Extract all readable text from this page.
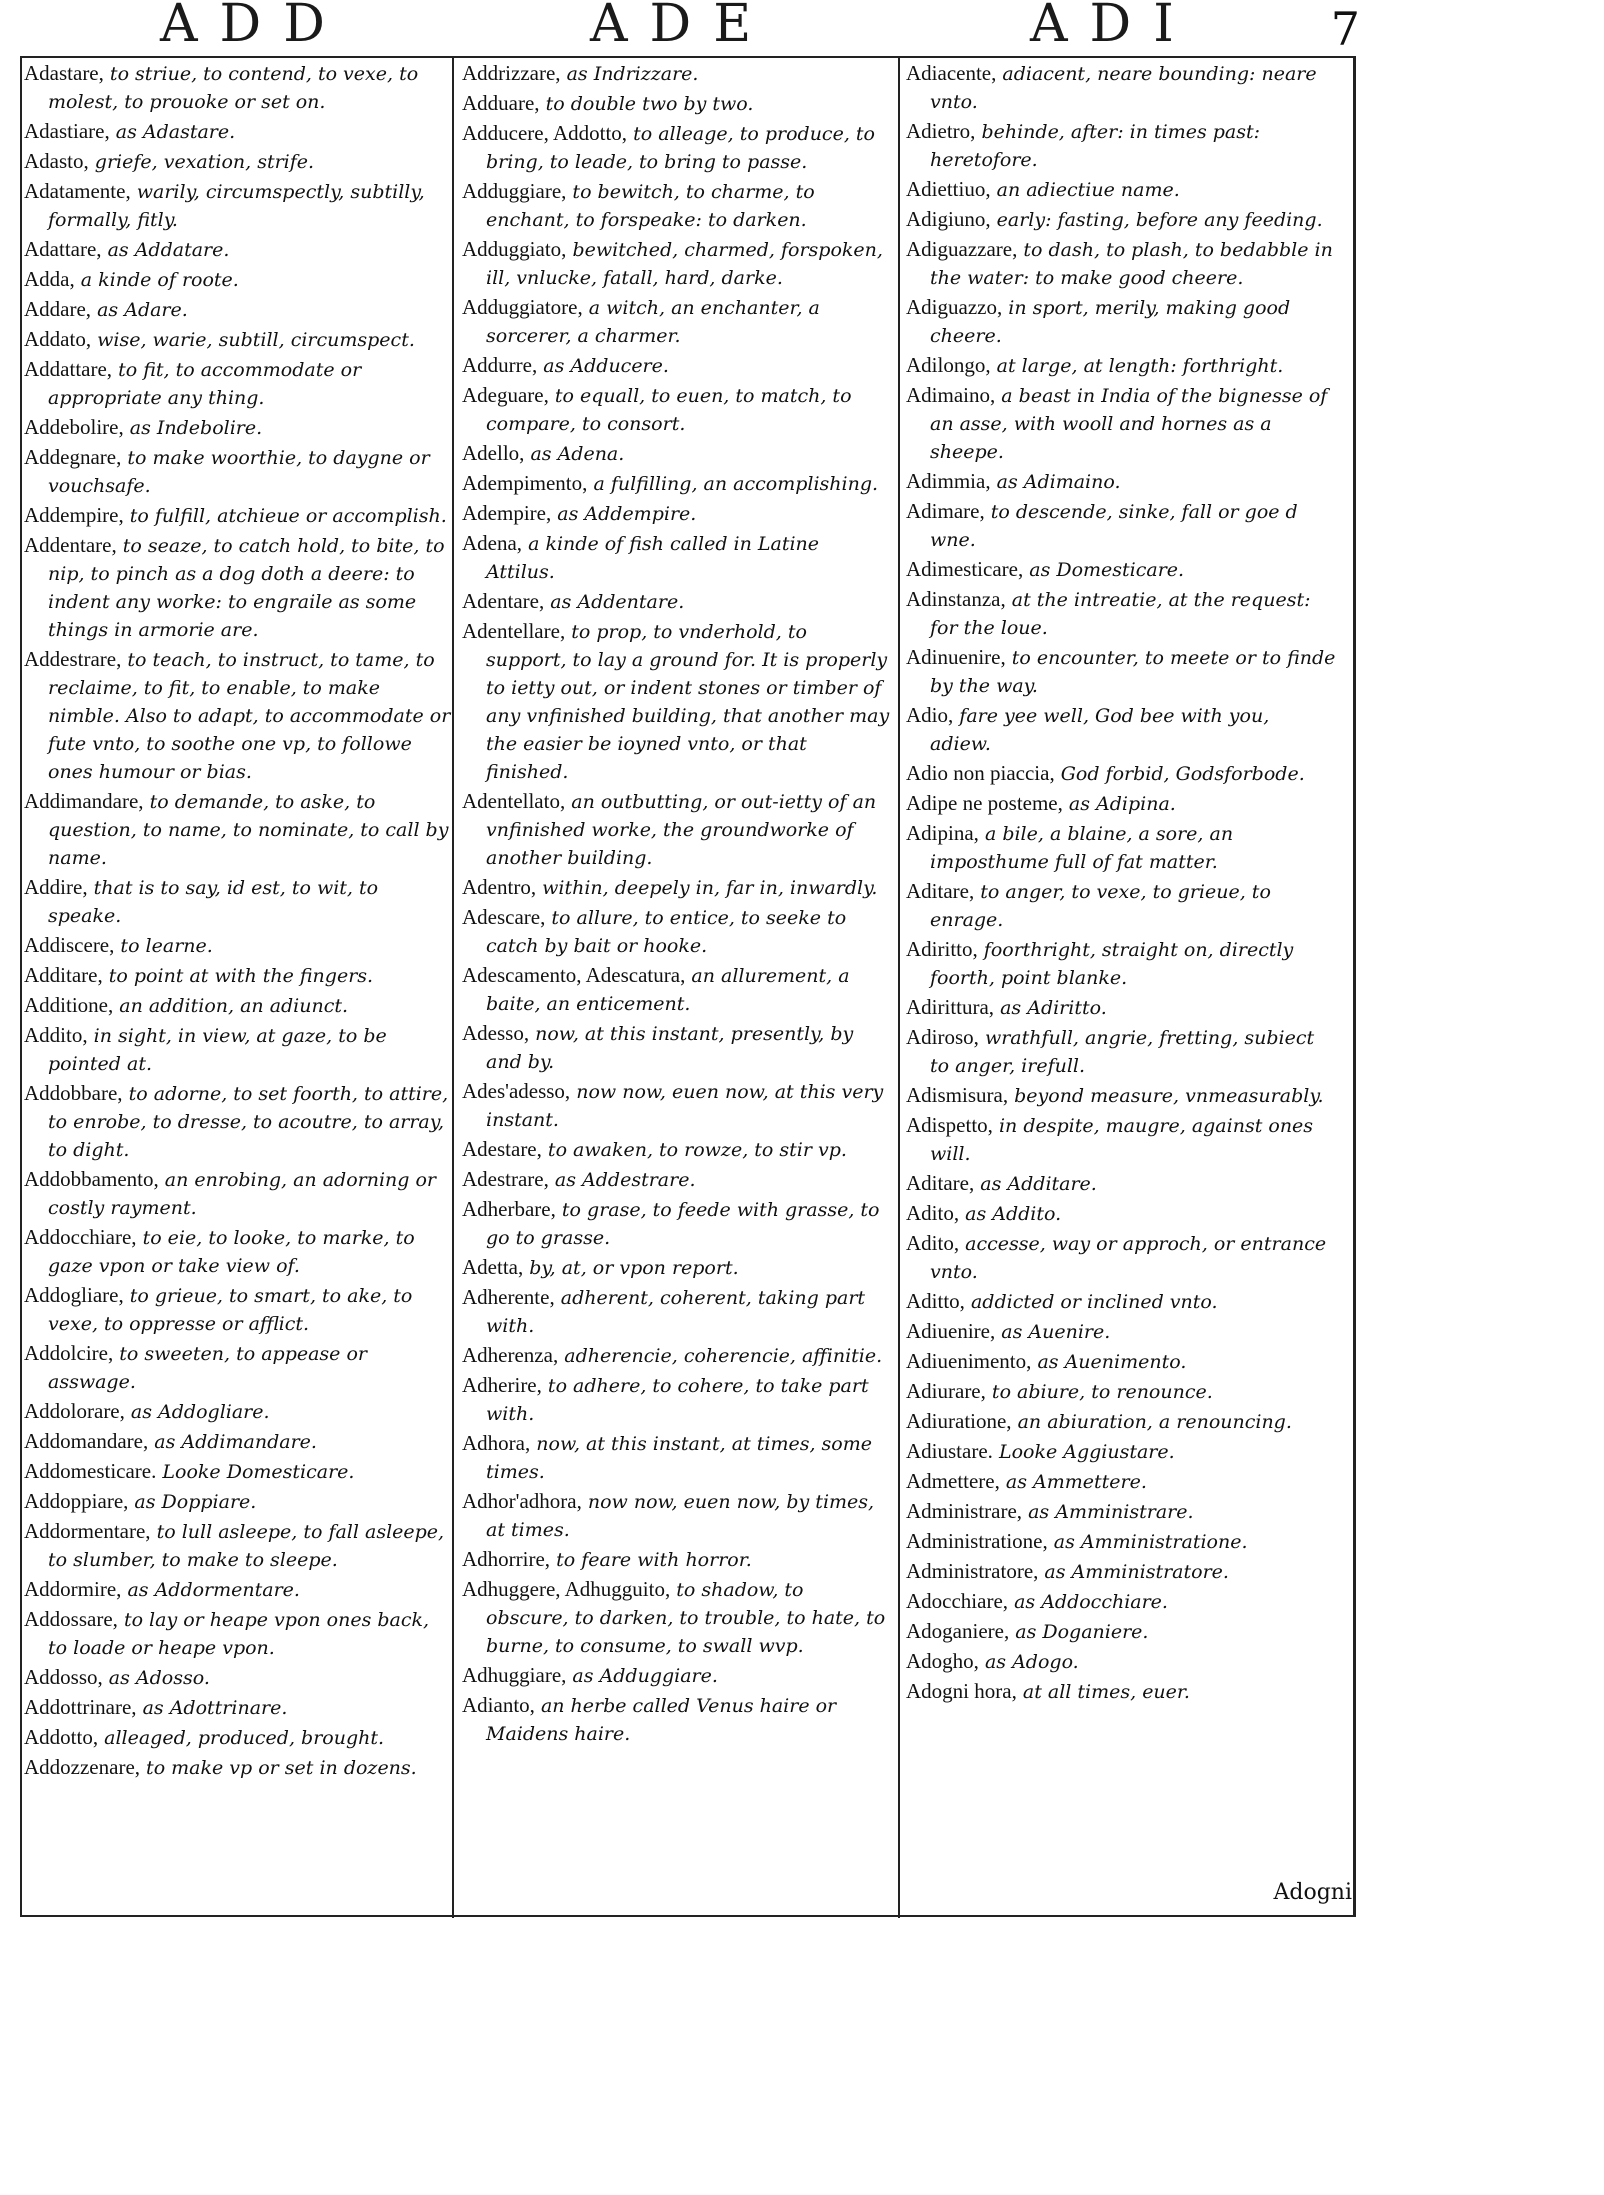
ADD	ADE	ADI	7
Adastare, to striue, to contend, to vexe, to molest, to prouoke or set on.
Adastiare, as Adastare.
Adasto, griefe, vexation, strife.
Adatamente, warily, circumspectly, subtilly, formally, fitly.
Adattare, as Addatare.
Adda, a kinde of roote.
Addare, as Adare.
Addato, wise, warie, subtill, circumspect.
Addattare, to fit, to accommodate or appropriate any thing.
Addebolire, as Indebolire.
Addegnare, to make woorthie, to daygne or vouchsafe.
Addempire, to fulfill, atchieue or accomplish.
Addentare, to seaze, to catch hold, to bite, to nip, to pinch as a dog doth a deere: to indent any worke: to engraile as some things in armorie are.
Addestrare, to teach, to instruct, to tame, to reclaime, to fit, to enable, to make nimble. Also to adapt, to accommodate or fute vnto, to soothe one vp, to followe ones humour or bias.
Addimandare, to demande, to aske, to question, to name, to nominate, to call by name.
Addire, that is to say, id est, to wit, to speake.
Addiscere, to learne.
Additare, to point at with the fingers.
Additione, an addition, an adiunct.
Addito, in sight, in view, at gaze, to be pointed at.
Addobbare, to adorne, to set foorth, to attire, to enrobe, to dresse, to acoutre, to array, to dight.
Addobbamento, an enrobing, an adorning or costly rayment.
Addocchiare, to eie, to looke, to marke, to gaze vpon or take view of.
Addogliare, to grieue, to smart, to ake, to vexe, to oppresse or afflict.
Addolcire, to sweeten, to appease or asswage.
Addolorare, as Addogliare.
Addomandare, as Addimandare.
Addomesticare. Looke Domesticare.
Addoppiare, as Doppiare.
Addormentare, to lull asleepe, to fall asleepe, to slumber, to make to sleepe.
Addormire, as Addormentare.
Addossare, to lay or heape vpon ones back, to loade or heape vpon.
Addosso, as Adosso.
Addottrinare, as Adottrinare.
Addotto, alleaged, produced, brought.
Addozzenare, to make vp or set in dozens.
Addrizzare, as Indrizzare.
Adduare, to double two by two.
Adducere, Addotto, to alleage, to produce, to bring, to leade, to bring to passe.
Adduggiare, to bewitch, to charme, to enchant, to forspeake: to darken.
Adduggiato, bewitched, charmed, forspoken, ill, vnlucke, fatall, hard, darke.
Adduggiatore, a witch, an enchanter, a sorcerer, a charmer.
Addurre, as Adducere.
Adeguare, to equall, to euen, to match, to compare, to consort.
Adello, as Adena.
Adempimento, a fulfilling, an accomplishing.
Adempire, as Addempire.
Adena, a kinde of fish called in Latine Attilus.
Adentare, as Addentare.
Adentellare, to prop, to vnderhold, to support, to lay a ground for. It is properly to ietty out, or indent stones or timber of any vnfinished building, that another may the easier be ioyned vnto, or that finished.
Adentellato, an outbutting, or out-ietty of an vnfinished worke, the groundworke of another building.
Adentro, within, deepely in, far in, inwardly.
Adescare, to allure, to entice, to seeke to catch by bait or hooke.
Adescamento, Adescatura, an allurement, a baite, an enticement.
Adesso, now, at this instant, presently, by and by.
Ades'adesso, now now, euen now, at this very instant.
Adestare, to awaken, to rowze, to stir vp.
Adestrare, as Addestrare.
Adherbare, to grase, to feede with grasse, to go to grasse.
Adetta, by, at, or vpon report.
Adherente, adherent, coherent, taking part with.
Adherenza, adherencie, coherencie, affinitie.
Adherire, to adhere, to cohere, to take part with.
Adhora, now, at this instant, at times, some times.
Adhor'adhora, now now, euen now, by times, at times.
Adhorrire, to feare with horror.
Adhuggere, Adhugguito, to shadow, to obscure, to darken, to trouble, to hate, to burne, to consume, to swall wvp.
Adhuggiare, as Adduggiare.
Adianto, an herbe called Venus haire or Maidens haire.
Adiacente, adiacent, neare bounding: neare vnto.
Adietro, behinde, after: in times past: heretofore.
Adiettiuo, an adiectiue name.
Adigiuno, early: fasting, before any feeding.
Adiguazzare, to dash, to plash, to bedabble in the water: to make good cheere.
Adiguazzo, in sport, merily, making good cheere.
Adilongo, at large, at length: forthright.
Adimaino, a beast in India of the bignesse of an asse, with wooll and hornes as a sheepe.
Adimmia, as Adimaino.
Adimare, to descende, sinke, fall or goe d wne.
Adimesticare, as Domesticare.
Adinstanza, at the intreatie, at the request: for the loue.
Adinuenire, to encounter, to meete or to finde by the way.
Adio, fare yee well, God bee with you, adiew.
Adio non piaccia, God forbid, Godsforbode.
Adipe ne posteme, as Adipina.
Adipina, a bile, a blaine, a sore, an imposthume full of fat matter.
Aditare, to anger, to vexe, to grieue, to enrage.
Adiritto, foorthright, straight on, directly foorth, point blanke.
Adirittura, as Adiritto.
Adiroso, wrathfull, angrie, fretting, subiect to anger, irefull.
Adismisura, beyond measure, vnmeasurably.
Adispetto, in despite, maugre, against ones will.
Aditare, as Additare.
Adito, as Addito.
Adito, accesse, way or approch, or entrance vnto.
Aditto, addicted or inclined vnto.
Adiuenire, as Auenire.
Adiuenimento, as Auenimento.
Adiurare, to abiure, to renounce.
Adiuratione, an abiuration, a renouncing.
Adiustare. Looke Aggiustare.
Admettere, as Ammettere.
Administrare, as Amministrare.
Administratione, as Amministratione.
Administratore, as Amministratore.
Adocchiare, as Addocchiare.
Adoganiere, as Doganiere.
Adogho, as Adogo.
Adogni hora, at all times, euer.
Adogni
